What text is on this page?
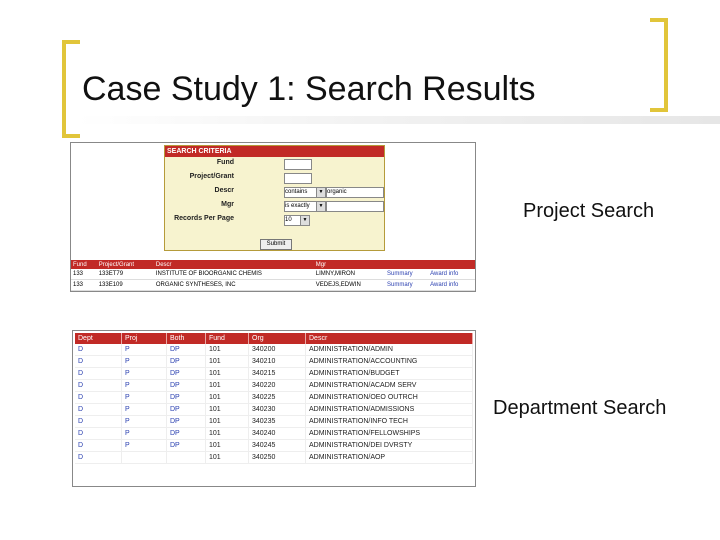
Case Study 1: Search Results
SEARCH CRITERIA
Fund
Project/Grant
Descr	contains	▼ organic
Mgr	is exactly	▼
Records Per Page	10	▼
Submit
Fund	Project/Grant	Descr	Mgr		
133	133ET79	INSTITUTE OF BIOORGANIC CHEMIS	LIMNY,MIRON	Summary	Award info
133	133E109	ORGANIC SYNTHESES, INC	VEDEJS,EDWIN	Summary	Award info
Project Search
Dept	Proj	Both	Fund	Org	Descr
D	P	DP	101	340200	ADMINISTRATION/ADMIN
D	P	DP	101	340210	ADMINISTRATION/ACCOUNTING
D	P	DP	101	340215	ADMINISTRATION/BUDGET
D	P	DP	101	340220	ADMINISTRATION/ACADM SERV
D	P	DP	101	340225	ADMINISTRATION/OEO OUTRCH
D	P	DP	101	340230	ADMINISTRATION/ADMISSIONS
D	P	DP	101	340235	ADMINISTRATION/INFO TECH
D	P	DP	101	340240	ADMINISTRATION/FELLOWSHIPS
D	P	DP	101	340245	ADMINISTRATION/DEI DVRSTY
D			101	340250	ADMINISTRATION/AOP
Department Search
